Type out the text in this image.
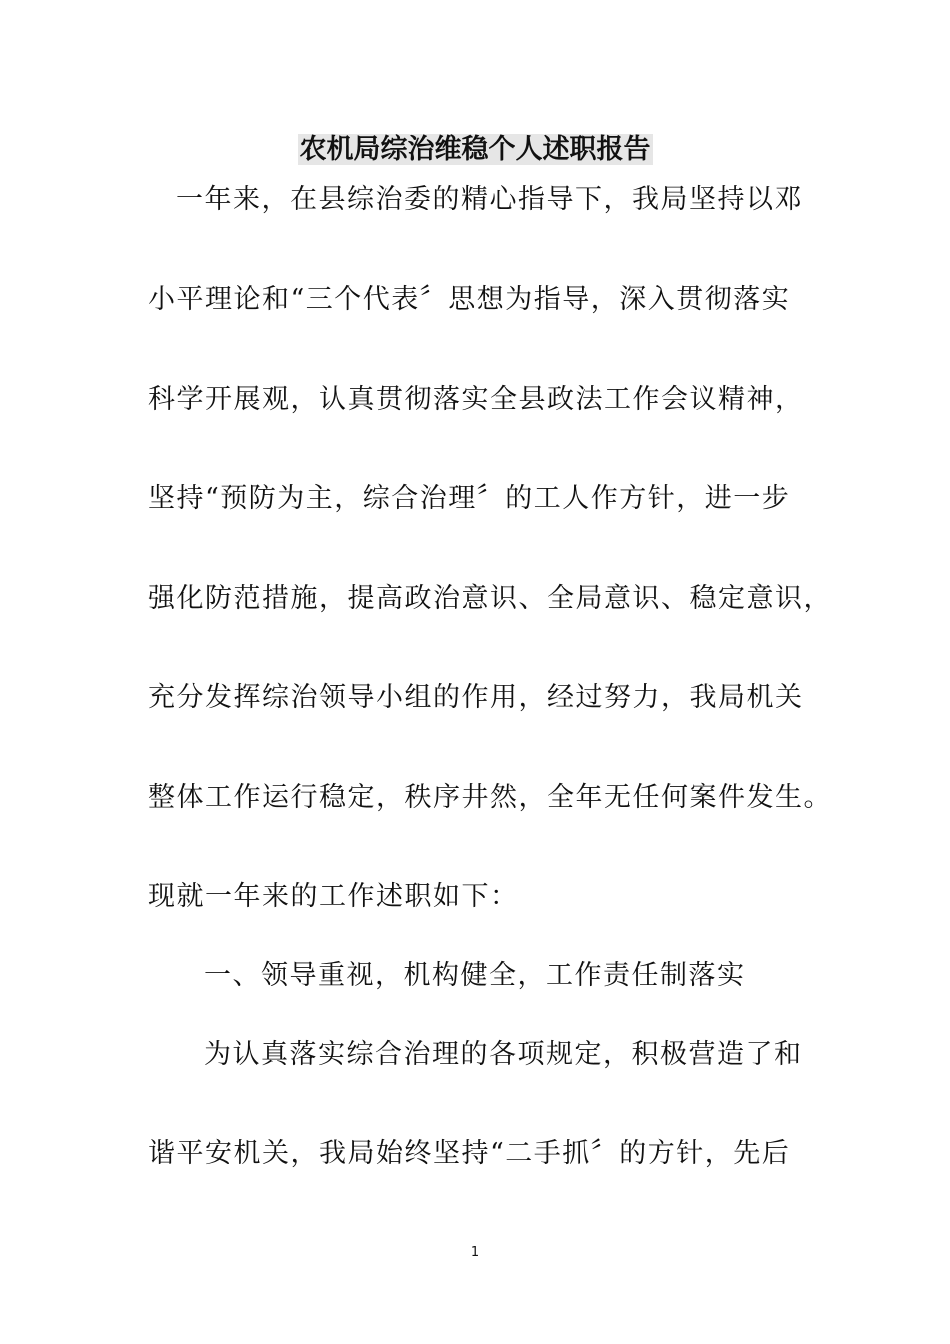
农机局综治维稳个人述职报告
一年来，在县综治委的精心指导下，我局坚持以邓
小平理论和“三个代表〞思想为指导，深入贯彻落实
科学开展观，认真贯彻落实全县政法工作会议精神，
坚持“预防为主，综合治理〞的工人作方针，进一步
强化防范措施，提高政治意识、全局意识、稳定意识，
充分发挥综治领导小组的作用，经过努力，我局机关
整体工作运行稳定，秩序井然，全年无任何案件发生。
现就一年来的工作述职如下：
一、领导重视，机构健全，工作责任制落实
为认真落实综合治理的各项规定，积极营造了和
谐平安机关，我局始终坚持“二手抓〞的方针，先后
1
